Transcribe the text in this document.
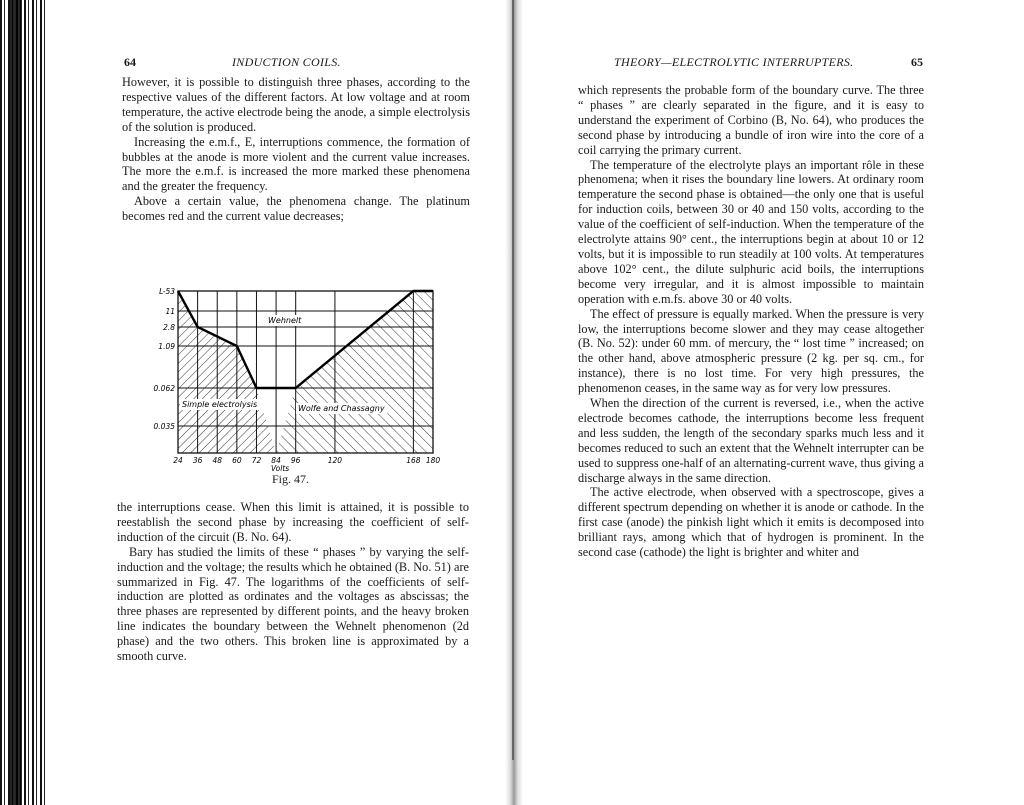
64	INDUCTION COILS.

However, it is possible to distinguish three phases, according to the respective values of the different factors. At low voltage and at room temperature, the active electrode being the anode, a simple electrolysis of the solution is produced.

Increasing the e.m.f., E, interruptions commence, the formation of bubbles at the anode is more violent and the current value increases. The more the e.m.f. is increased the more marked these phenomena and the greater the frequency.

Above a certain value, the phenomena change. The platinum becomes red and the current value decreases;

24 36 48 60 72 84 96	120	168 180
L-53
11
2.8
1.09
0.062
0.035
Wehnelt
Simple electrolysis	Wolfe and Chassagny
Volts
Fig. 47.

the interruptions cease. When this limit is attained, it is possible to reestablish the second phase by increasing the coefficient of self-induction of the circuit (B. No. 64).

Bary has studied the limits of these “ phases ” by varying the self-induction and the voltage; the results which he obtained (B. No. 51) are summarized in Fig. 47. The logarithms of the coefficients of self-induction are plotted as ordinates and the voltages as abscissas; the three phases are represented by different points, and the heavy broken line indicates the boundary between the Wehnelt phenomenon (2d phase) and the two others. This broken line is approximated by a smooth curve.

THEORY—ELECTROLYTIC INTERRUPTERS.	65

which represents the probable form of the boundary curve. The three “ phases ” are clearly separated in the figure, and it is easy to understand the experiment of Corbino (B, No. 64), who produces the second phase by introducing a bundle of iron wire into the core of a coil carrying the primary current.

The temperature of the electrolyte plays an important rôle in these phenomena; when it rises the boundary line lowers. At ordinary room temperature the second phase is obtained—the only one that is useful for induction coils, between 30 or 40 and 150 volts, according to the value of the coefficient of self-induction. When the temperature of the electrolyte attains 90° cent., the interruptions begin at about 10 or 12 volts, but it is impossible to run steadily at 100 volts. At temperatures above 102° cent., the dilute sulphuric acid boils, the interruptions become very irregular, and it is almost impossible to maintain operation with e.m.fs. above 30 or 40 volts.

The effect of pressure is equally marked. When the pressure is very low, the interruptions become slower and they may cease altogether (B. No. 52): under 60 mm. of mercury, the “ lost time ” increased; on the other hand, above atmospheric pressure (2 kg. per sq. cm., for instance), there is no lost time. For very high pressures, the phenomenon ceases, in the same way as for very low pressures.

When the direction of the current is reversed, i.e., when the active electrode becomes cathode, the interruptions become less frequent and less sudden, the length of the secondary sparks much less and it becomes reduced to such an extent that the Wehnelt interrupter can be used to suppress one-half of an alternating-current wave, thus giving a discharge always in the same direction.

The active electrode, when observed with a spectroscope, gives a different spectrum depending on whether it is anode or cathode. In the first case (anode) the pinkish light which it emits is decomposed into brilliant rays, among which that of hydrogen is prominent. In the second case (cathode) the light is brighter and whiter and
